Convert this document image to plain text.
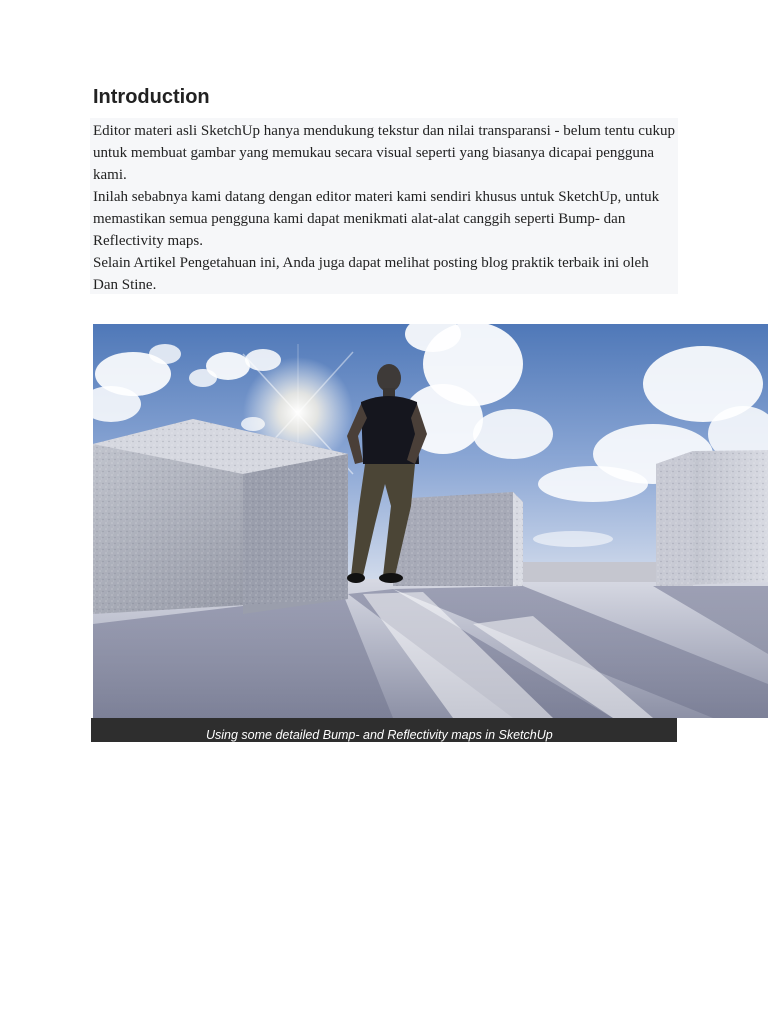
Introduction

Editor materi asli SketchUp hanya mendukung tekstur dan nilai transparansi - belum tentu cukup untuk membuat gambar yang memukau secara visual seperti yang biasanya dicapai pengguna kami.

Inilah sebabnya kami datang dengan editor materi kami sendiri khusus untuk SketchUp, untuk memastikan semua pengguna kami dapat menikmati alat-alat canggih seperti Bump- dan Reflectivity maps.

Selain Artikel Pengetahuan ini, Anda juga dapat melihat posting blog praktik terbaik ini oleh Dan Stine.

Using some detailed Bump- and Reflectivity maps in SketchUp
